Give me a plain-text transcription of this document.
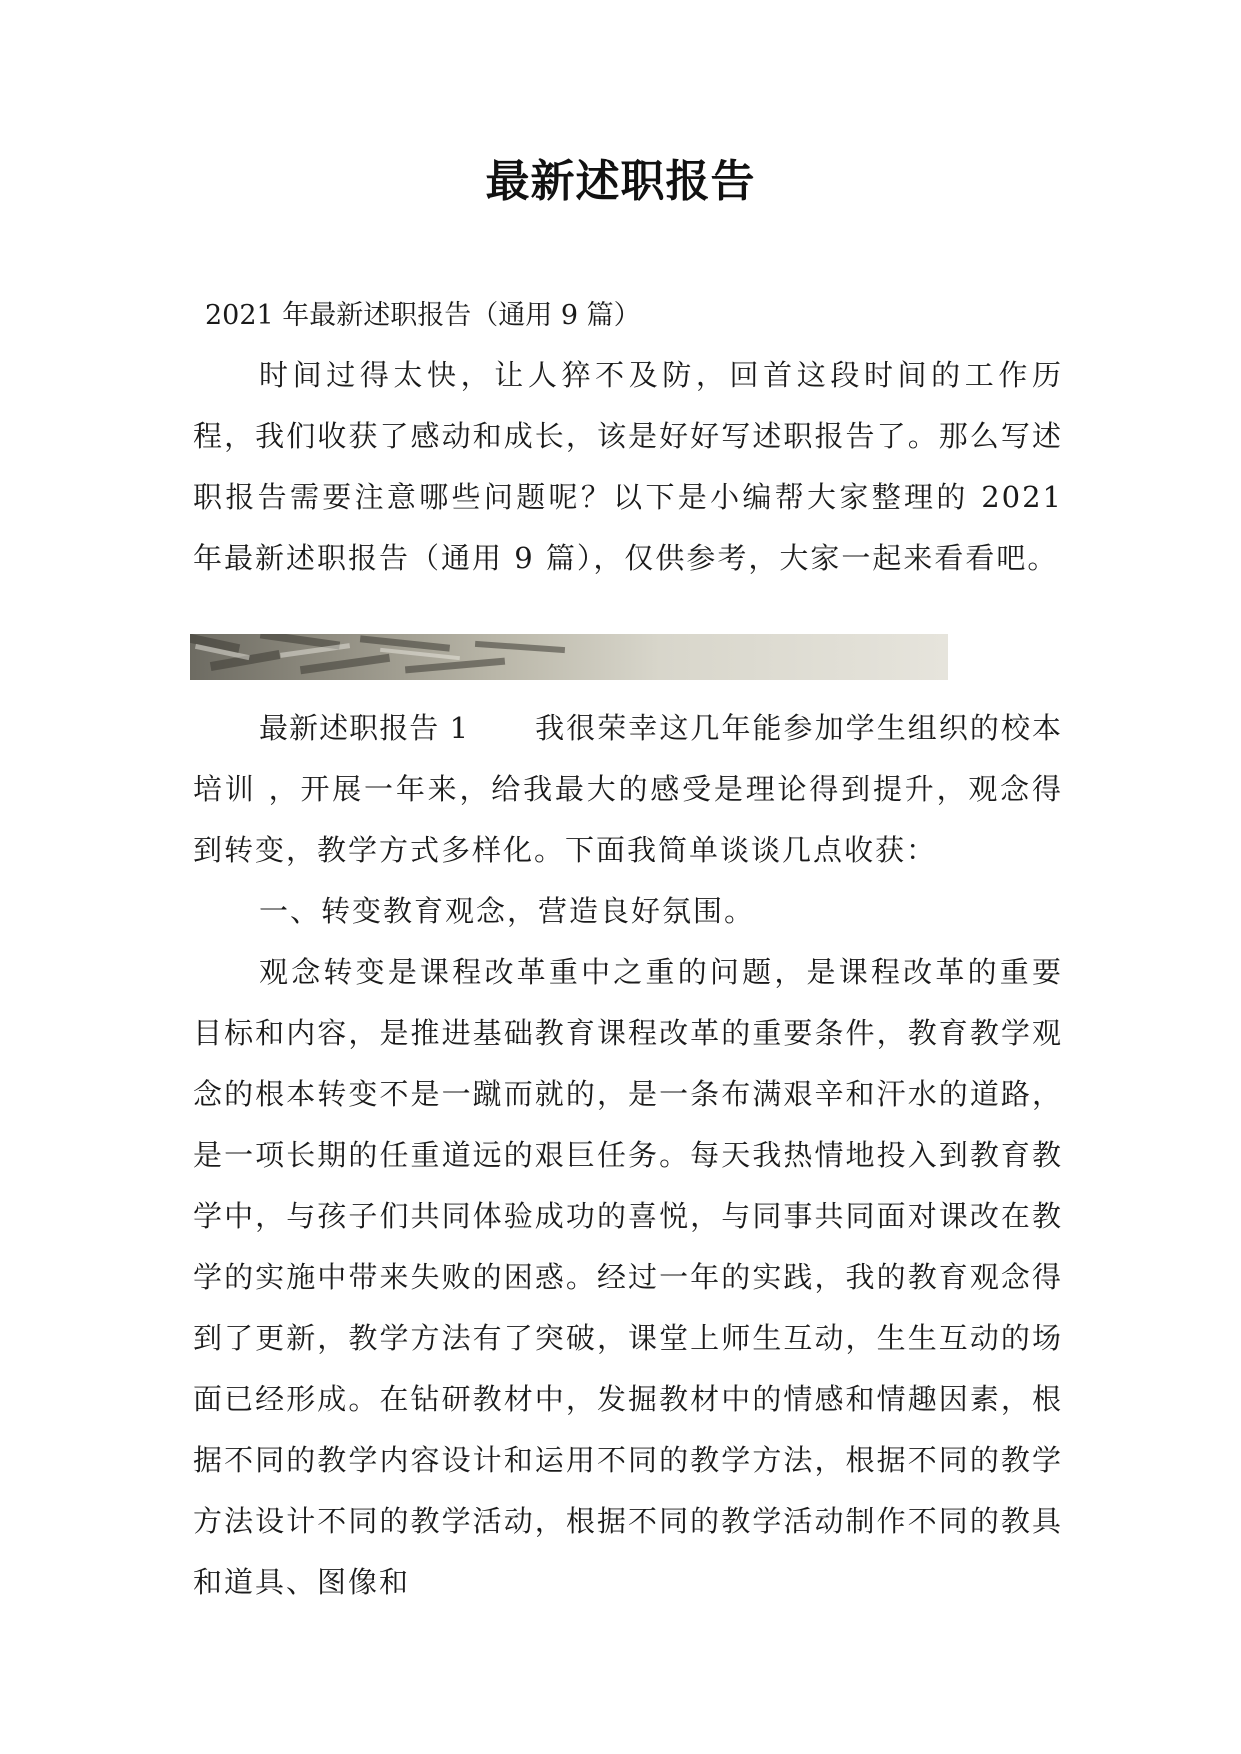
最新述职报告
2021 年最新述职报告（通用 9 篇）
时间过得太快，让人猝不及防，回首这段时间的工作历程，我们收获了感动和成长，该是好好写述职报告了。那么写述职报告需要注意哪些问题呢？以下是小编帮大家整理的 2021 年最新述职报告（通用 9 篇），仅供参考，大家一起来看看吧。
最新述职报告 1 我很荣幸这几年能参加学生组织的校本培训 ，开展一年来，给我最大的感受是理论得到提升，观念得到转变，教学方式多样化。下面我简单谈谈几点收获：
一、转变教育观念，营造良好氛围。
观念转变是课程改革重中之重的问题，是课程改革的重要目标和内容，是推进基础教育课程改革的重要条件，教育教学观念的根本转变不是一蹴而就的，是一条布满艰辛和汗水的道路，是一项长期的任重道远的艰巨任务。每天我热情地投入到教育教学中，与孩子们共同体验成功的喜悦，与同事共同面对课改在教学的实施中带来失败的困惑。经过一年的实践，我的教育观念得到了更新，教学方法有了突破，课堂上师生互动，生生互动的场面已经形成。在钻研教材中，发掘教材中的情感和情趣因素，根据不同的教学内容设计和运用不同的教学方法，根据不同的教学方法设计不同的教学活动，根据不同的教学活动制作不同的教具和道具、图像和
